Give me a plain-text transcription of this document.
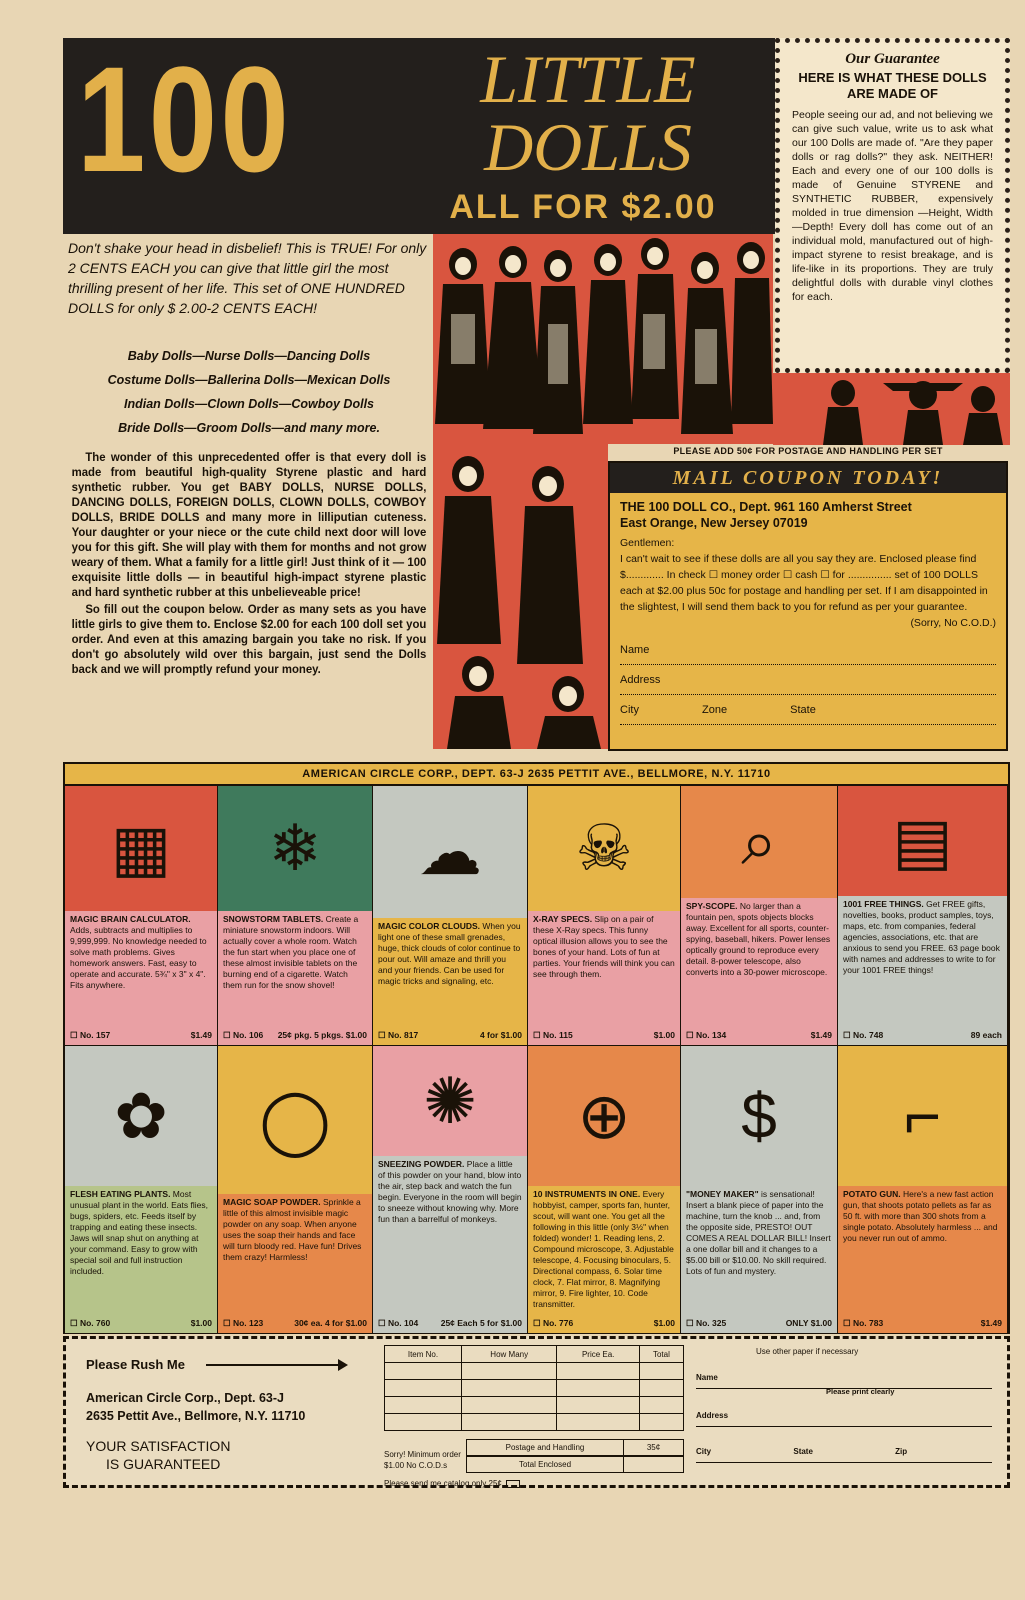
100	LITTLE
DOLLS
ALL FOR $2.00
Our Guarantee
HERE IS WHAT THESE DOLLS ARE MADE OF
People seeing our ad, and not believing we can give such value, write us to ask what our 100 Dolls are made of. "Are they paper dolls or rag dolls?" they ask. NEITHER! Each and every one of our 100 dolls is made of Genuine STYRENE and SYNTHETIC RUBBER, expensively molded in true dimension —Height, Width—Depth! Every doll has come out of an individual mold, manufactured out of high-impact styrene to resist breakage, and is life-like in its proportions. They are truly delightful dolls with durable vinyl clothes for each.
Don't shake your head in disbelief! This is TRUE! For only 2 CENTS EACH you can give that little girl the most thrilling present of her life. This set of ONE HUNDRED DOLLS for only $ 2.00-2 CENTS EACH!
Baby Dolls—Nurse Dolls—Dancing Dolls
Costume Dolls—Ballerina Dolls—Mexican Dolls
Indian Dolls—Clown Dolls—Cowboy Dolls
Bride Dolls—Groom Dolls—and many more.

The wonder of this unprecedented offer is that every doll is made from beautiful high-quality Styrene plastic and hard synthetic rubber. You get BABY DOLLS, NURSE DOLLS, DANCING DOLLS, FOREIGN DOLLS, CLOWN DOLLS, COWBOY DOLLS, BRIDE DOLLS and many more in lilliputian cuteness. Your daughter or your niece or the cute child next door will love you for this gift. She will play with them for months and not grow weary of them. What a family for a little girl! Just think of it — 100 exquisite little dolls — in beautiful high-impact styrene plastic and hard synthetic rubber at this unbelieveable price!

So fill out the coupon below. Order as many sets as you have little girls to give them to. Enclose $2.00 for each 100 doll set you order. And even at this amazing bargain you take no risk. If you don't go absolutely wild over this bargain, just send the Dolls back and we will promptly refund your money.

PLEASE ADD 50¢ FOR POSTAGE AND HANDLING PER SET
MAIL COUPON TODAY!
THE 100 DOLL CO., Dept. 961 160 Amherst Street
East Orange, New Jersey 07019
Gentlemen:
I can't wait to see if these dolls are all you say they are. Enclosed please find $............. In check ☐ money order ☐ cash ☐ for ............... set of 100 DOLLS each at $2.00 plus 50c for postage and handling per set. If I am disappointed in the slightest, I will send them back to you for refund as per your guarantee.
(Sorry, No C.O.D.)
Name
Address
City	Zone	State
AMERICAN CIRCLE CORP., DEPT. 63-J 2635 PETTIT AVE., BELLMORE, N.Y. 11710
▦
MAGIC BRAIN CALCULATOR. Adds, subtracts and multiplies to 9,999,999. No knowledge needed to solve math problems. Gives homework answers. Fast, easy to operate and accurate. 5¾" x 3" x 4". Fits anywhere.
☐ No. 157	$1.49
❄
SNOWSTORM TABLETS. Create a miniature snowstorm indoors. Will actually cover a whole room. Watch the fun start when you place one of these almost invisible tablets on the burning end of a cigarette. Watch them run for the snow shovel!
☐ No. 106 25¢ pkg. 5 pkgs. $1.00
☁
MAGIC COLOR CLOUDS. When you light one of these small grenades, huge, thick clouds of color continue to pour out. Will amaze and thrill you and your friends. Can be used for magic tricks and signaling, etc.
☐ No. 817	4 for $1.00
☠
X-RAY SPECS. Slip on a pair of these X-Ray specs. This funny optical illusion allows you to see the bones of your hand. Lots of fun at parties. Your friends will think you can see through them.
☐ No. 115	$1.00
⌕
SPY-SCOPE. No larger than a fountain pen, spots objects blocks away. Excellent for all sports, counter-spying, baseball, hikers. Power lenses optically ground to reproduce every detail. 8-power telescope, also converts into a 30-power microscope.
☐ No. 134	$1.49
▤
1001 FREE THINGS. Get FREE gifts, novelties, books, product samples, toys, maps, etc. from companies, federal agencies, associations, etc. that are anxious to send you FREE. 63 page book with names and addresses to write to for your 1001 FREE things!
☐ No. 748	89 each
✿
FLESH EATING PLANTS. Most unusual plant in the world. Eats flies, bugs, spiders, etc. Feeds itself by trapping and eating these insects. Jaws will snap shut on anything at your command. Easy to grow with special soil and full instruction included.
☐ No. 760	$1.00
◯
MAGIC SOAP POWDER. Sprinkle a little of this almost invisible magic powder on any soap. When anyone uses the soap their hands and face will turn bloody red. Have fun! Drives them crazy! Harmless!
☐ No. 123	30¢ ea. 4 for $1.00
✺
SNEEZING POWDER. Place a little of this powder on your hand, blow into the air, step back and watch the fun begin. Everyone in the room will begin to sneeze without knowing why. More fun than a barrelful of monkeys.
☐ No. 104	25¢ Each 5 for $1.00
⊕
10 INSTRUMENTS IN ONE. Every hobbyist, camper, sports fan, hunter, scout, will want one. You get all the following in this little (only 3½" when folded) wonder! 1. Reading lens, 2. Compound microscope, 3. Adjustable telescope, 4. Focusing binoculars, 5. Directional compass, 6. Solar time clock, 7. Flat mirror, 8. Magnifying mirror, 9. Fire lighter, 10. Code transmitter.
☐ No. 776	$1.00
$
"MONEY MAKER" is sensational! Insert a blank piece of paper into the machine, turn the knob ... and, from the opposite side, PRESTO! OUT COMES A REAL DOLLAR BILL! Insert a one dollar bill and it changes to a $5.00 bill or $10.00. No skill required. Lots of fun and mystery.
☐ No. 325	ONLY $1.00
⌐
POTATO GUN. Here's a new fast action gun, that shoots potato pellets as far as 50 ft. with more than 300 shots from a single potato. Absolutely harmless ... and you never run out of ammo.
☐ No. 783	$1.49
Please Rush Me
American Circle Corp., Dept. 63-J
2635 Pettit Ave., Bellmore, N.Y. 11710
YOUR SATISFACTION
IS GUARANTEED
Item No.	How Many	Price Ea.	Total

Sorry! Minimum order $1.00 No C.O.D.s
Postage and Handling	35¢
Total Enclosed
Please send me catalog only 25¢
Use other paper if necessary
Name
Please print clearly
Address
City	State	Zip
